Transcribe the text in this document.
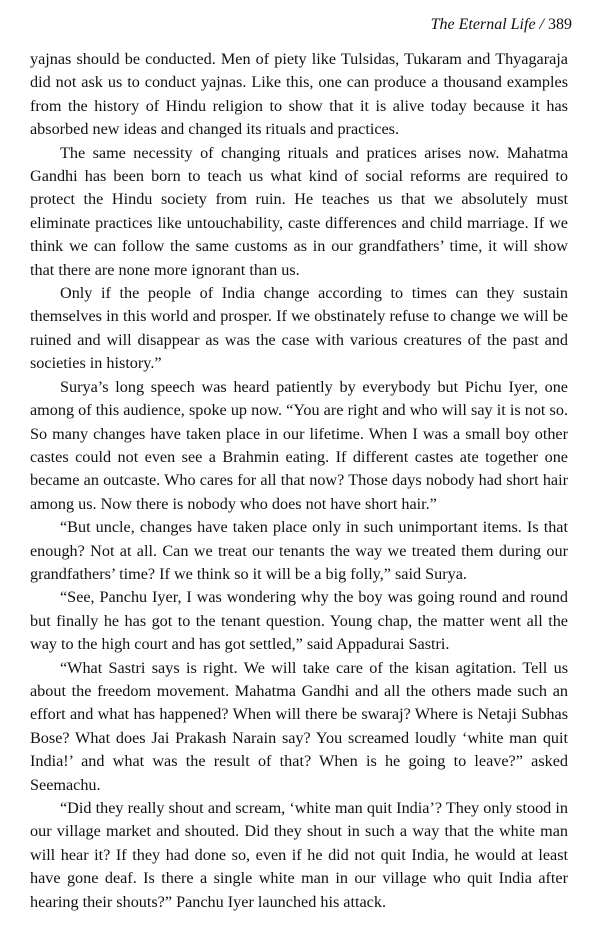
The Eternal Life / 389

yajnas should be conducted. Men of piety like Tulsidas, Tukaram and Thyagaraja did not ask us to conduct yajnas. Like this, one can produce a thousand examples from the history of Hindu religion to show that it is alive today because it has absorbed new ideas and changed its rituals and practices.

The same necessity of changing rituals and pratices arises now. Mahatma Gandhi has been born to teach us what kind of social reforms are required to protect the Hindu society from ruin. He teaches us that we absolutely must eliminate practices like untouchability, caste differences and child marriage. If we think we can follow the same customs as in our grandfathers’ time, it will show that there are none more ignorant than us.

Only if the people of India change according to times can they sustain themselves in this world and prosper. If we obstinately refuse to change we will be ruined and will disappear as was the case with various creatures of the past and societies in history.”

Surya’s long speech was heard patiently by everybody but Pichu Iyer, one among of this audience, spoke up now. “You are right and who will say it is not so. So many changes have taken place in our lifetime. When I was a small boy other castes could not even see a Brahmin eating. If different castes ate together one became an outcaste. Who cares for all that now? Those days nobody had short hair among us. Now there is nobody who does not have short hair.”

“But uncle, changes have taken place only in such unimportant items. Is that enough? Not at all. Can we treat our tenants the way we treated them during our grandfathers’ time? If we think so it will be a big folly,” said Surya.

“See, Panchu Iyer, I was wondering why the boy was going round and round but finally he has got to the tenant question. Young chap, the matter went all the way to the high court and has got settled,” said Appadurai Sastri.

“What Sastri says is right. We will take care of the kisan agitation. Tell us about the freedom movement. Mahatma Gandhi and all the others made such an effort and what has happened? When will there be swaraj? Where is Netaji Subhas Bose? What does Jai Prakash Narain say? You screamed loudly ‘white man quit India!’ and what was the result of that? When is he going to leave?” asked Seemachu.

“Did they really shout and scream, ‘white man quit India’? They only stood in our village market and shouted. Did they shout in such a way that the white man will hear it? If they had done so, even if he did not quit India, he would at least have gone deaf. Is there a single white man in our village who quit India after hearing their shouts?” Panchu Iyer launched his attack.
